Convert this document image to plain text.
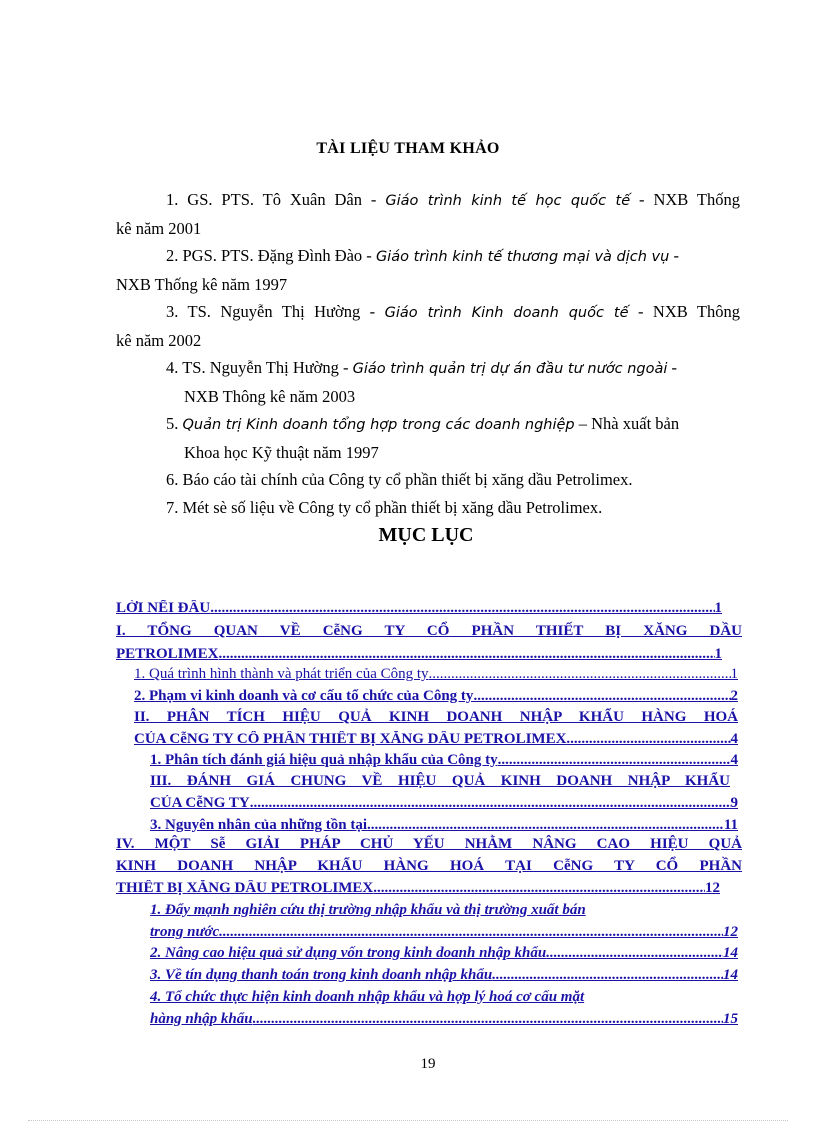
TÀI LIỆU THAM KHẢO
1. GS. PTS. Tô Xuân Dân - Giáo trình kinh tế học quốc tế - NXB Thống
kê năm 2001
2. PGS. PTS. Đặng Đình Đào - Giáo trình kinh tế thương mại và dịch vụ -
NXB Thống kê năm 1997
3. TS. Nguyễn Thị Hường - Giáo trình Kinh doanh quốc tế - NXB Thông
kê năm 2002
4. TS. Nguyễn Thị Hường - Giáo trình quản trị dự án đầu tư nước ngoài -
NXB Thông kê năm 2003
5. Quản trị Kinh doanh tổng hợp trong các doanh nghiệp – Nhà xuất bản
Khoa học Kỹ thuật năm 1997
6. Báo cáo tài chính của Công ty cổ phần thiết bị xăng dầu Petrolimex.
7. Mét sè số liệu về Công ty cổ phần thiết bị xăng dầu Petrolimex.
MỤC LỤC
LỜI NỂI ĐẦU .....	1
I. TỔNG QUAN VỀ CễNG TY CỔ PHẦN THIẾT BỊ XĂNG DẦU
PETROLIMEX .....	1
1. Quá trình hình thành và phát triển của Công ty .....	1
2. Phạm vi kinh doanh và cơ cấu tổ chức của Công ty .....	2
II. PHÂN TÍCH HIỆU QUẢ KINH DOANH NHẬP KHẨU HÀNG HOÁ
CỦA CễNG TY CỔ PHẦN THIẾT BỊ XĂNG DẦU PETROLIMEX .....	4
1. Phân tích đánh giá hiệu quả nhập khẩu của Công ty .....	4
III. ĐÁNH GIÁ CHUNG VỀ HIỆU QUẢ KINH DOANH NHẬP KHẨU
CỦA CễNG TY .....	9
3. Nguyên nhân của những tồn tại .....	11
IV. MỘT Sễ GIẢI PHÁP CHỦ YẾU NHẰM NÂNG CAO HIỆU QUẢ
KINH DOANH NHẬP KHẨU HÀNG HOÁ TẠI CễNG TY CỔ PHẦN
THIẾT BỊ XĂNG DẦU PETROLIMEX .....	12
1. Đẩy mạnh nghiên cứu thị trường nhập khẩu và thị trường xuất bán
trong nước .....	12
2. Nâng cao hiệu quả sử dụng vốn trong kinh doanh nhập khẩu .....	14
3. Về tín dụng thanh toán trong kinh doanh nhập khẩu .....	14
4. Tổ chức thực hiện kinh doanh nhập khẩu và hợp lý hoá cơ cấu mặt
hàng nhập khẩu .....	15
19
